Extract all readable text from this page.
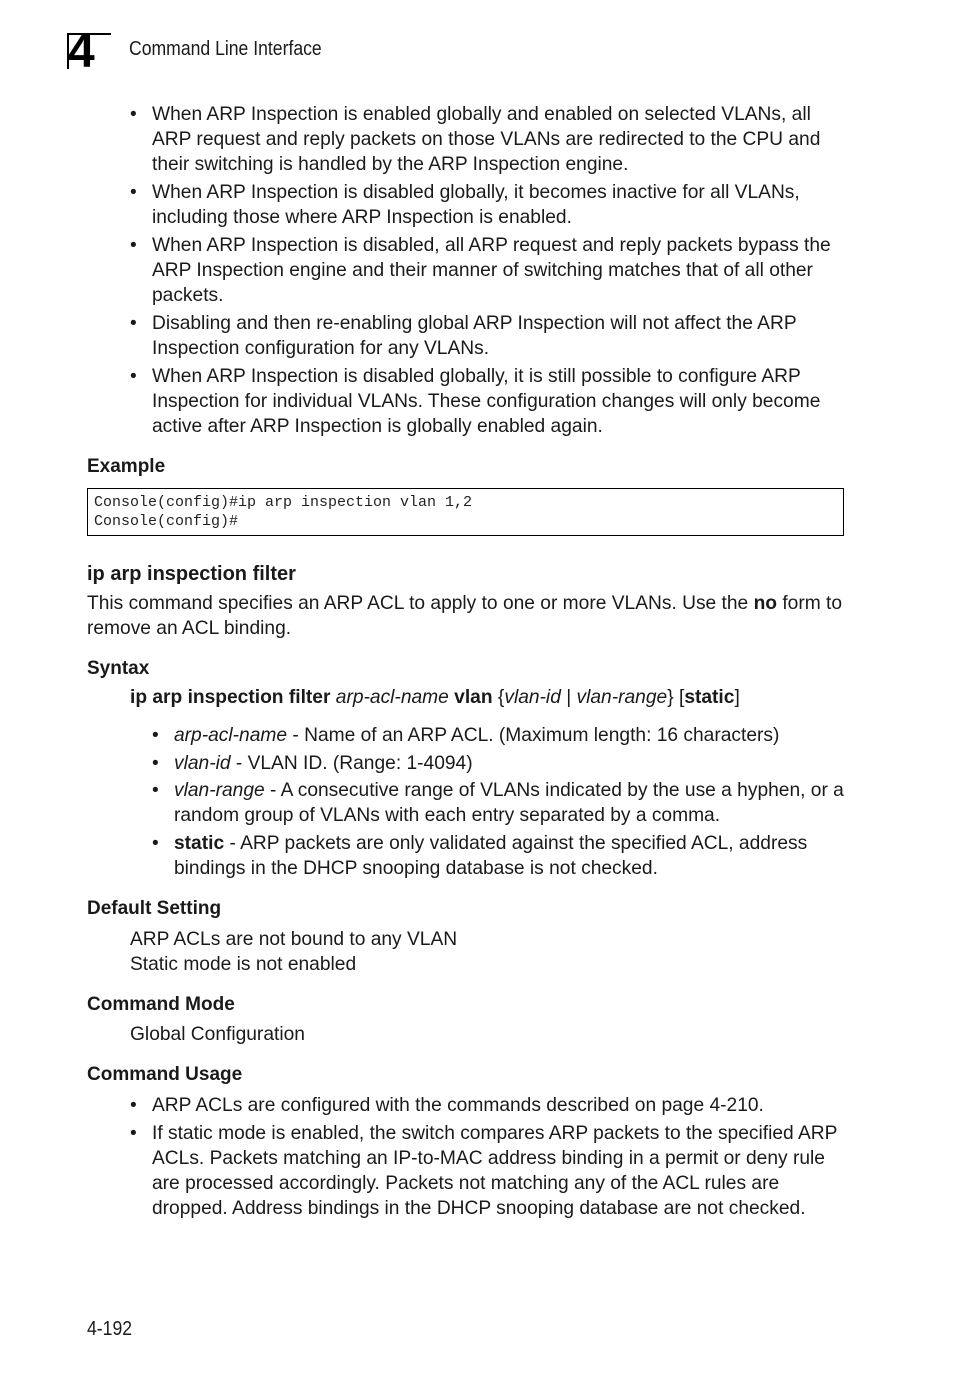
4	Command Line Interface
• When ARP Inspection is enabled globally and enabled on selected VLANs, all ARP request and reply packets on those VLANs are redirected to the CPU and their switching is handled by the ARP Inspection engine.
• When ARP Inspection is disabled globally, it becomes inactive for all VLANs, including those where ARP Inspection is enabled.
• When ARP Inspection is disabled, all ARP request and reply packets bypass the ARP Inspection engine and their manner of switching matches that of all other packets.
• Disabling and then re-enabling global ARP Inspection will not affect the ARP Inspection configuration for any VLANs.
• When ARP Inspection is disabled globally, it is still possible to configure ARP Inspection for individual VLANs. These configuration changes will only become active after ARP Inspection is globally enabled again.
Example
Console(config)#ip arp inspection vlan 1,2
Console(config)#
ip arp inspection filter
This command specifies an ARP ACL to apply to one or more VLANs. Use the no form to remove an ACL binding.
Syntax
ip arp inspection filter arp-acl-name vlan {vlan-id | vlan-range} [static]
• arp-acl-name - Name of an ARP ACL. (Maximum length: 16 characters)
• vlan-id - VLAN ID. (Range: 1-4094)
• vlan-range - A consecutive range of VLANs indicated by the use a hyphen, or a random group of VLANs with each entry separated by a comma.
• static - ARP packets are only validated against the specified ACL, address bindings in the DHCP snooping database is not checked.
Default Setting
ARP ACLs are not bound to any VLAN
Static mode is not enabled
Command Mode
Global Configuration
Command Usage
• ARP ACLs are configured with the commands described on page 4-210.
• If static mode is enabled, the switch compares ARP packets to the specified ARP ACLs. Packets matching an IP-to-MAC address binding in a permit or deny rule are processed accordingly. Packets not matching any of the ACL rules are dropped. Address bindings in the DHCP snooping database are not checked.
4-192
